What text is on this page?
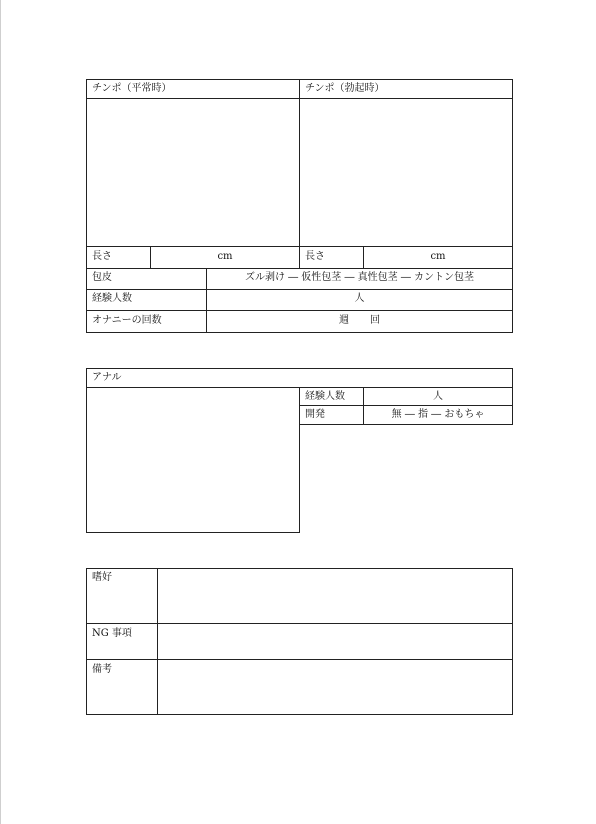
チンポ（平常時）	チンポ（勃起時）
長さ	cm	長さ	cm
包皮	ズル剥け ― 仮性包茎 ― 真性包茎 ― カントン包茎
経験人数	人
オナニーの回数	週 回
アナル
経験人数	人
開発	無 ― 指 ― おもちゃ
嗜好
NG 事項
備考
